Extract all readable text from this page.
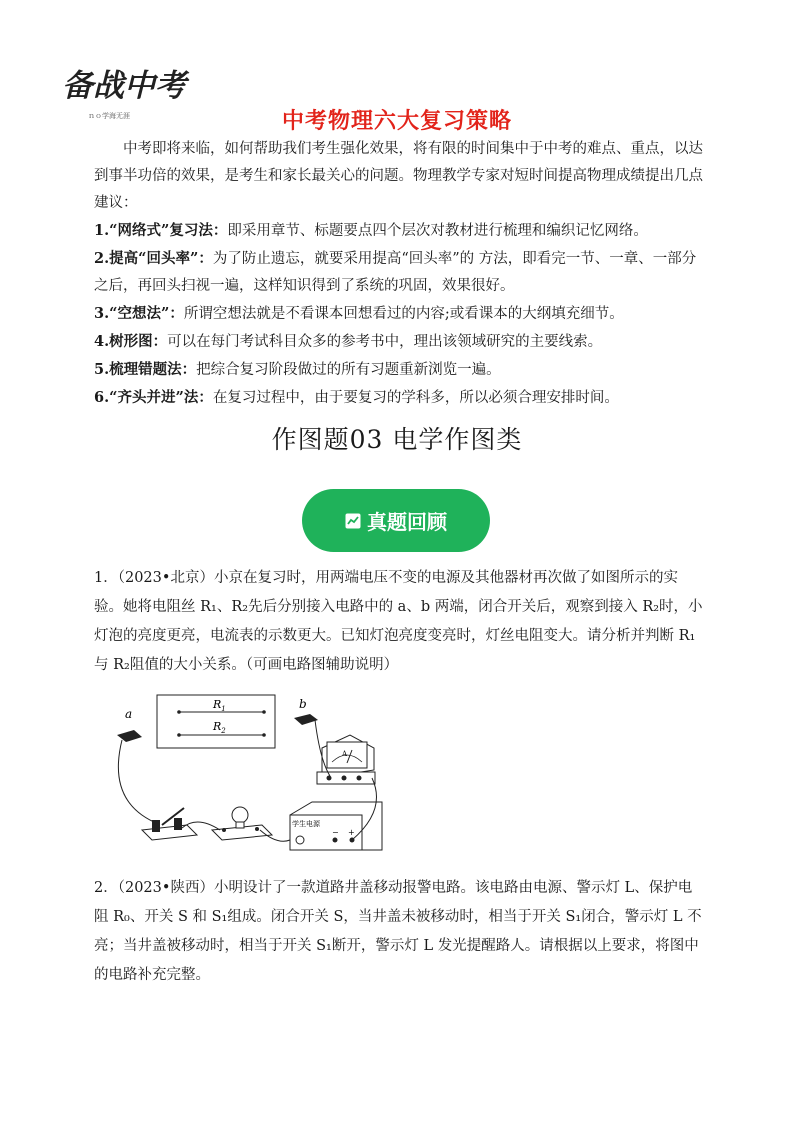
备战中考
ｎｏ学海无涯	中考物理六大复习策略

中考即将来临，如何帮助我们考生强化效果，将有限的时间集中于中考的难点、重点，以达到事半功倍的效果，是考生和家长最关心的问题。物理教学专家对短时间提高物理成绩提出几点建议：

1.“网络式”复习法：即采用章节、标题要点四个层次对教材进行梳理和编织记忆网络。

2.提高“回头率”：为了防止遗忘，就要采用提高“回头率”的 方法，即看完一节、一章、一部分之后，再回头扫视一遍，这样知识得到了系统的巩固，效果很好。

3.“空想法”：所谓空想法就是不看课本回想看过的内容;或看课本的大纲填充细节。

4.树形图：可以在每门考试科目众多的参考书中，理出该领域研究的主要线索。

5.梳理错题法：把综合复习阶段做过的所有习题重新浏览一遍。

6.“齐头并进”法：在复习过程中，由于要复习的学科多，所以必须合理安排时间。

作图题03 电学作图类
真题回顾

1．（2023•北京）小京在复习时，用两端电压不变的电源及其他器材再次做了如图所示的实验。她将电阻丝 R₁、R₂先后分别接入电路中的 a、b 两端，闭合开关后，观察到接入 R₂时，小灯泡的亮度更亮，电流表的示数更大。已知灯泡亮度变亮时，灯丝电阻变大。请分析并判断 R₁与 R₂阻值的大小关系。（可画电路图辅助说明）

$R_1$
$R_2$
a
b
A
学生电源
− +

2．（2023•陕西）小明设计了一款道路井盖移动报警电路。该电路由电源、警示灯 L、保护电阻 R₀、开关 S 和 S₁组成。闭合开关 S，当井盖未被移动时，相当于开关 S₁闭合，警示灯 L 不亮；当井盖被移动时，相当于开关 S₁断开，警示灯 L 发光提醒路人。请根据以上要求，将图中的电路补充完整。
